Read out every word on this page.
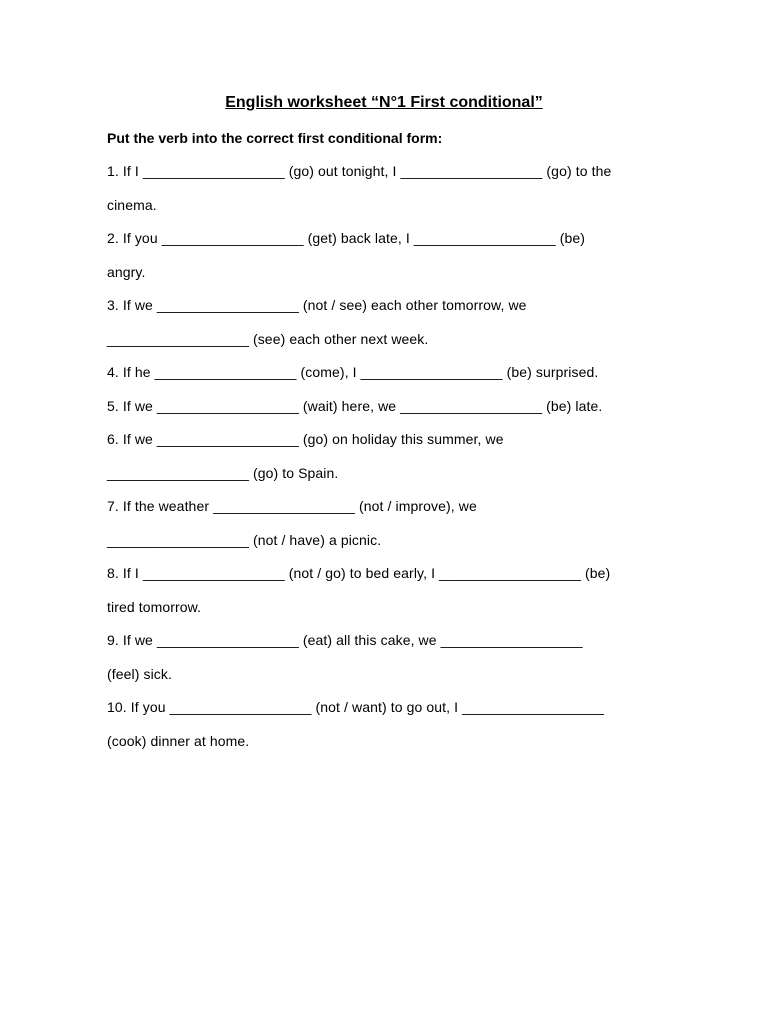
English worksheet “N°1 First conditional”

Put the verb into the correct first conditional form:

1. If I __________________ (go) out tonight, I __________________ (go) to the
cinema.
2. If you __________________ (get) back late, I __________________ (be)
angry.
3. If we __________________ (not / see) each other tomorrow, we
__________________ (see) each other next week.
4. If he __________________ (come), I __________________ (be) surprised.
5. If we __________________ (wait) here, we __________________ (be) late.
6. If we __________________ (go) on holiday this summer, we
__________________ (go) to Spain.
7. If the weather __________________ (not / improve), we
__________________ (not / have) a picnic.
8. If I __________________ (not / go) to bed early, I __________________ (be)
tired tomorrow.
9. If we __________________ (eat) all this cake, we __________________
(feel) sick.
10. If you __________________ (not / want) to go out, I __________________
(cook) dinner at home.
